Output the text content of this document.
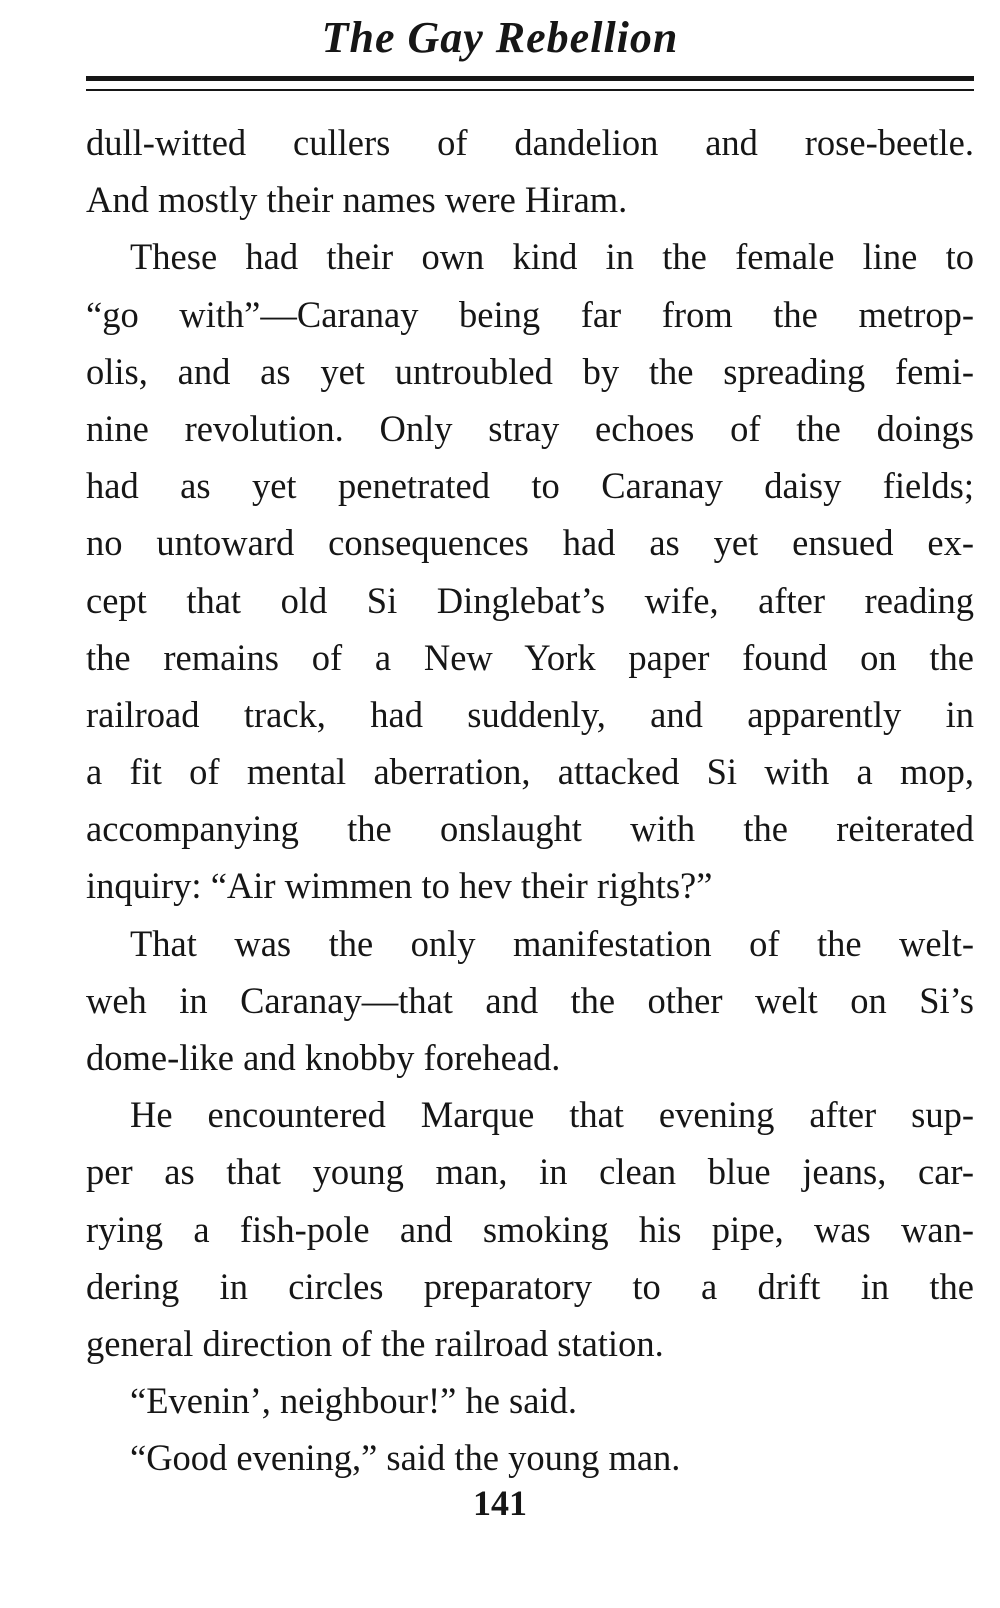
The Gay Rebellion
dull-witted cullers of dandelion and rose-beetle.
And mostly their names were Hiram.
These had their own kind in the female line to
“go with”—Caranay being far from the metrop-
olis, and as yet untroubled by the spreading femi-
nine revolution. Only stray echoes of the doings
had as yet penetrated to Caranay daisy fields;
no untoward consequences had as yet ensued ex-
cept that old Si Dinglebat’s wife, after reading
the remains of a New York paper found on the
railroad track, had suddenly, and apparently in
a fit of mental aberration, attacked Si with a mop,
accompanying the onslaught with the reiterated
inquiry: “Air wimmen to hev their rights?”
That was the only manifestation of the welt-
weh in Caranay—that and the other welt on Si’s
dome-like and knobby forehead.
He encountered Marque that evening after sup-
per as that young man, in clean blue jeans, car-
rying a fish-pole and smoking his pipe, was wan-
dering in circles preparatory to a drift in the
general direction of the railroad station.
“Evenin’, neighbour!” he said.
“Good evening,” said the young man.
141
